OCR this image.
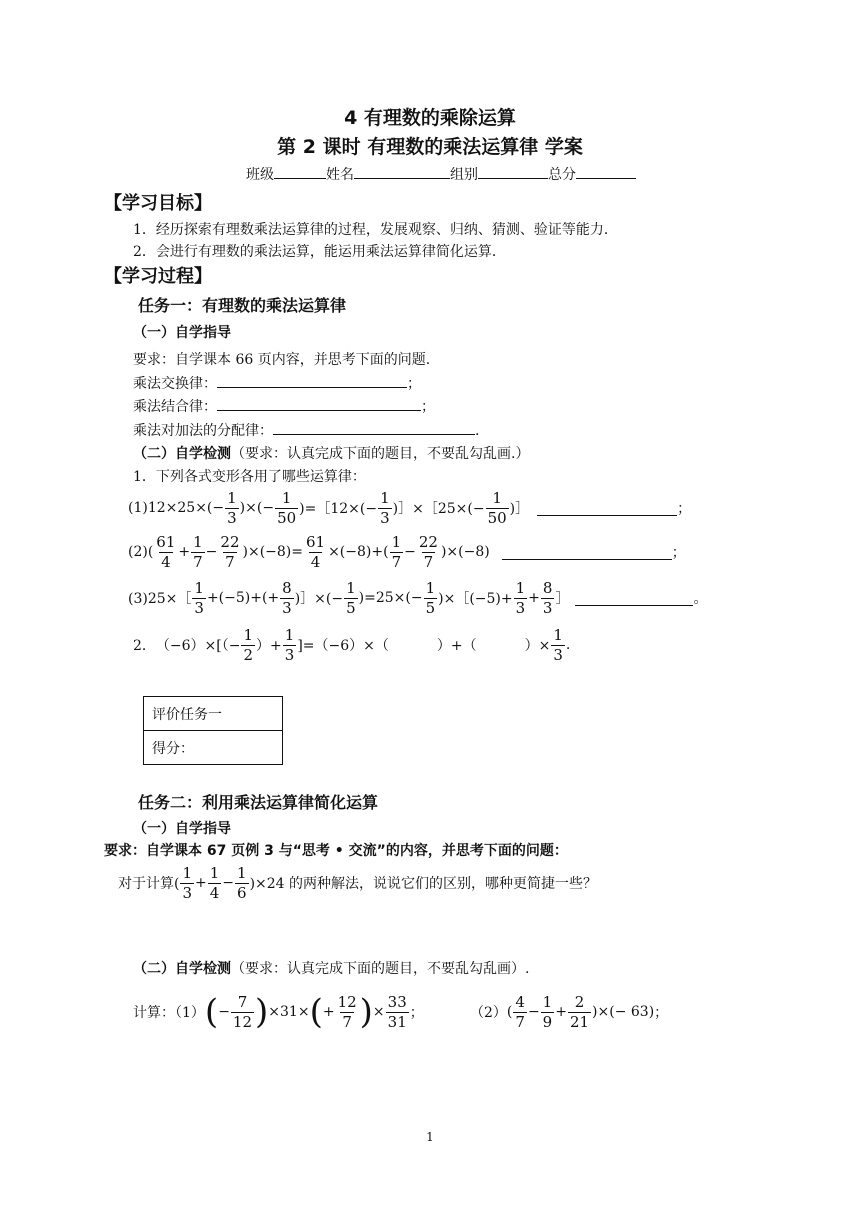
4 有理数的乘除运算
第 2 课时 有理数的乘法运算律 学案
班级	姓名	组别	总分
【学习目标】
1．经历探索有理数乘法运算律的过程，发展观察、归纳、猜测、验证等能力．
2．会进行有理数的乘法运算，能运用乘法运算律简化运算．
【学习过程】
任务一：有理数的乘法运算律
（一）自学指导
要求：自学课本 66 页内容，并思考下面的问题.
乘法交换律：	；
乘法结合律：	；
乘法对加法的分配律：	.
（二）自学检测（要求：认真完成下面的题目，不要乱勾乱画.）
1．下列各式变形各用了哪些运算律：
$(1)12\times 25\times(- \frac{1}{3}$ )×(− $\frac{1}{50}$ )=［12×(− $\frac{1}{3}$ )］×［25×(− $\frac{1}{50}$ )］	；
$(2)( \frac{61}{4} + \frac{1}{7} - \frac{22}{7} )\times(-8)= \frac{61}{4} \times(-8)+( \frac{1}{7} - \frac{22}{7} )\times(-8)$	；
(3)25×［ $\frac{1}{3} +(-5)+(+ \frac{8}{3}$ )］×(− $\frac{1}{5} )=25\times(- \frac{1}{5}$ )×［(−5)+ $\frac{1}{3} + \frac{8}{3}$ ］	。
2． $(-6)\times[(- \frac{1}{2}$ ）+ $\frac{1}{3} ]=(-6)\times$（	）+（	）× $\frac{1}{3}$ .
评价任务一
得分：
任务二：利用乘法运算律简化运算
（一）自学指导
要求：自学课本 67 页例 3 与“思考 • 交流”的内容，并思考下面的问题：
对于计算( $\frac{1}{3} + \frac{1}{4} - \frac{1}{6} )\times 24$ 的两种解法，说说它们的区别，哪种更简捷一些？
（二）自学检测（要求：认真完成下面的题目，不要乱勾乱画）.
计算：（1） ( − $\frac{7}{12}$ ) ×31× ( + $\frac{12}{7}$ ) × $\frac{33}{31}$ ；	（2） ( $\frac{4}{7} - \frac{1}{9} + \frac{2}{21}$ )×(− 63) ；
1
